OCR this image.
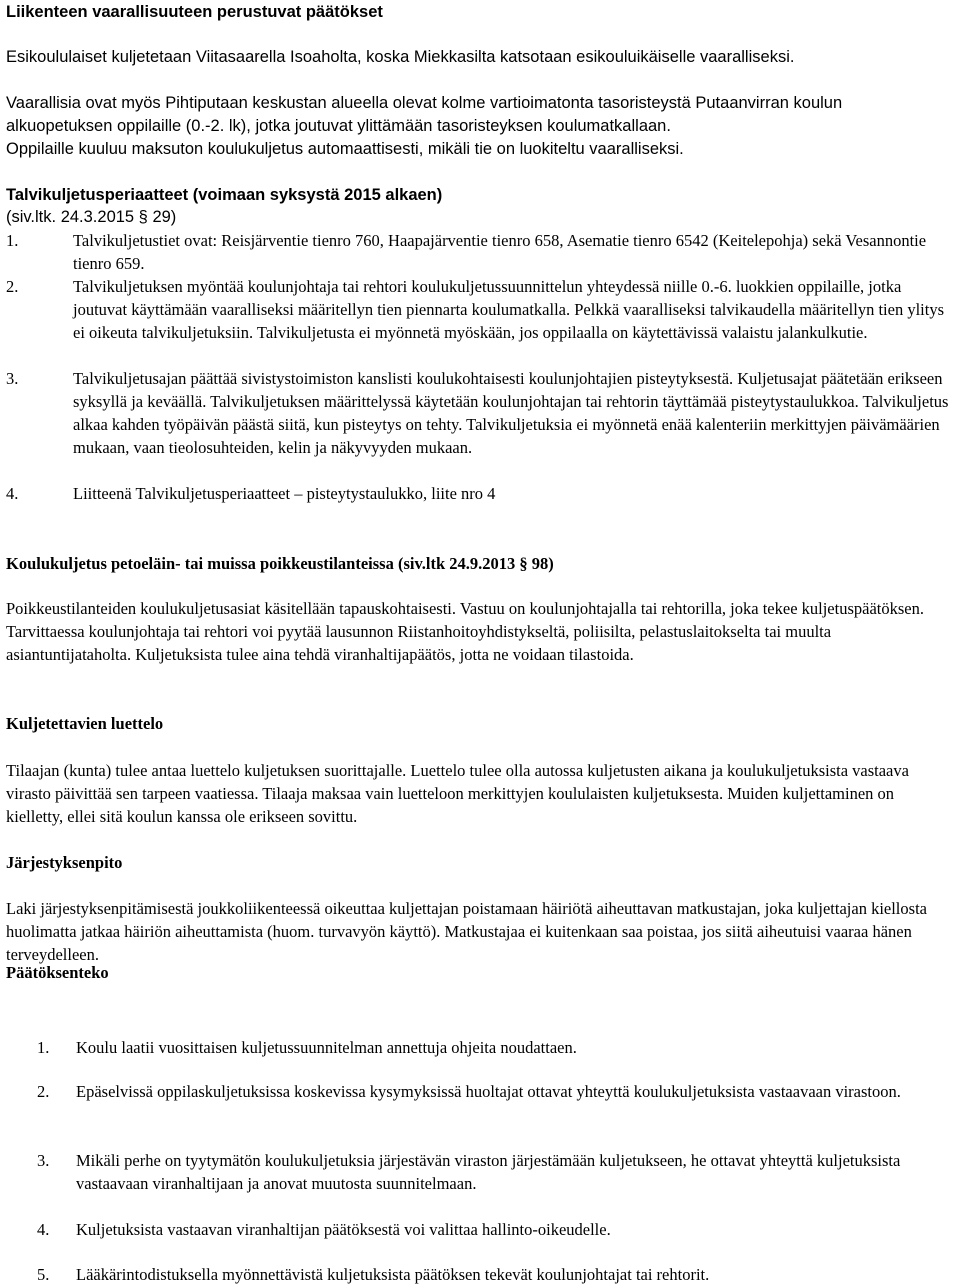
Liikenteen vaarallisuuteen perustuvat päätökset

Esikoululaiset kuljetetaan Viitasaarella Isoaholta, koska Miekkasilta katsotaan esikouluikäiselle vaaralliseksi.

Vaarallisia ovat myös Pihtiputaan keskustan alueella olevat kolme vartioimatonta tasoristeystä Putaanvirran koulun

alkuopetuksen oppilaille (0.-2. lk), jotka joutuvat ylittämään tasoristeyksen koulumatkallaan.

Oppilaille kuuluu maksuton koulukuljetus automaattisesti, mikäli tie on luokiteltu vaaralliseksi.

Talvikuljetusperiaatteet (voimaan syksystä 2015 alkaen)

(siv.ltk. 24.3.2015 § 29)

1.	Talvikuljetustiet ovat: Reisjärventie tienro 760, Haapajärventie tienro 658, Asematie tienro 6542 (Keitelepohja) sekä Vesannontie tienro 659.
2.	Talvikuljetuksen myöntää koulunjohtaja tai rehtori koulukuljetussuunnittelun yhteydessä niille 0.-6. luokkien oppilaille, jotka joutuvat käyttämään vaaralliseksi määritellyn tien piennarta koulumatkalla. Pelkkä vaaralliseksi talvikaudella määritellyn tien ylitys ei oikeuta talvikuljetuksiin. Talvikuljetusta ei myönnetä myöskään, jos oppilaalla on käytettävissä valaistu jalankulkutie.
3.	Talvikuljetusajan päättää sivistystoimiston kanslisti koulukohtaisesti koulunjohtajien pisteytyksestä. Kuljetusajat päätetään erikseen syksyllä ja keväällä. Talvikuljetuksen määrittelyssä käytetään koulunjohtajan tai rehtorin täyttämää pisteytystaulukkoa. Talvikuljetus alkaa kahden työpäivän päästä siitä, kun pisteytys on tehty. Talvikuljetuksia ei myönnetä enää kalenteriin merkittyjen päivämäärien mukaan, vaan tieolosuhteiden, kelin ja näkyvyyden mukaan.
4.	Liitteenä Talvikuljetusperiaatteet – pisteytystaulukko, liite nro 4

Koulukuljetus petoeläin- tai muissa poikkeustilanteissa (siv.ltk 24.9.2013 § 98)

Poikkeustilanteiden koulukuljetusasiat käsitellään tapauskohtaisesti. Vastuu on koulunjohtajalla tai rehtorilla, joka tekee kuljetuspäätöksen. Tarvittaessa koulunjohtaja tai rehtori voi pyytää lausunnon Riistanhoitoyhdistykseltä, poliisilta, pelastuslaitokselta tai muulta asiantuntijataholta. Kuljetuksista tulee aina tehdä viranhaltijapäätös, jotta ne voidaan tilastoida.

Kuljetettavien luettelo

Tilaajan (kunta) tulee antaa luettelo kuljetuksen suorittajalle. Luettelo tulee olla autossa kuljetusten aikana ja koulukuljetuksista vastaava virasto päivittää sen tarpeen vaatiessa. Tilaaja maksaa vain luetteloon merkittyjen koululaisten kuljetuksesta. Muiden kuljettaminen on kielletty, ellei sitä koulun kanssa ole erikseen sovittu.

Järjestyksenpito

Laki järjestyksenpitämisestä joukkoliikenteessä oikeuttaa kuljettajan poistamaan häiriötä aiheuttavan matkustajan, joka kuljettajan kiellosta huolimatta jatkaa häiriön aiheuttamista (huom. turvavyön käyttö). Matkustajaa ei kuitenkaan saa poistaa, jos siitä aiheutuisi vaaraa hänen terveydelleen.

Päätöksenteko

1. Koulu laatii vuosittaisen kuljetussuunnitelman annettuja ohjeita noudattaen.
2. Epäselvissä oppilaskuljetuksissa koskevissa kysymyksissä huoltajat ottavat yhteyttä koulukuljetuksista vastaavaan virastoon.
3. Mikäli perhe on tyytymätön koulukuljetuksia järjestävän viraston järjestämään kuljetukseen, he ottavat yhteyttä kuljetuksista vastaavaan viranhaltijaan ja anovat muutosta suunnitelmaan.
4. Kuljetuksista vastaavan viranhaltijan päätöksestä voi valittaa hallinto-oikeudelle.
5. Lääkärintodistuksella myönnettävistä kuljetuksista päätöksen tekevät koulunjohtajat tai rehtorit.
